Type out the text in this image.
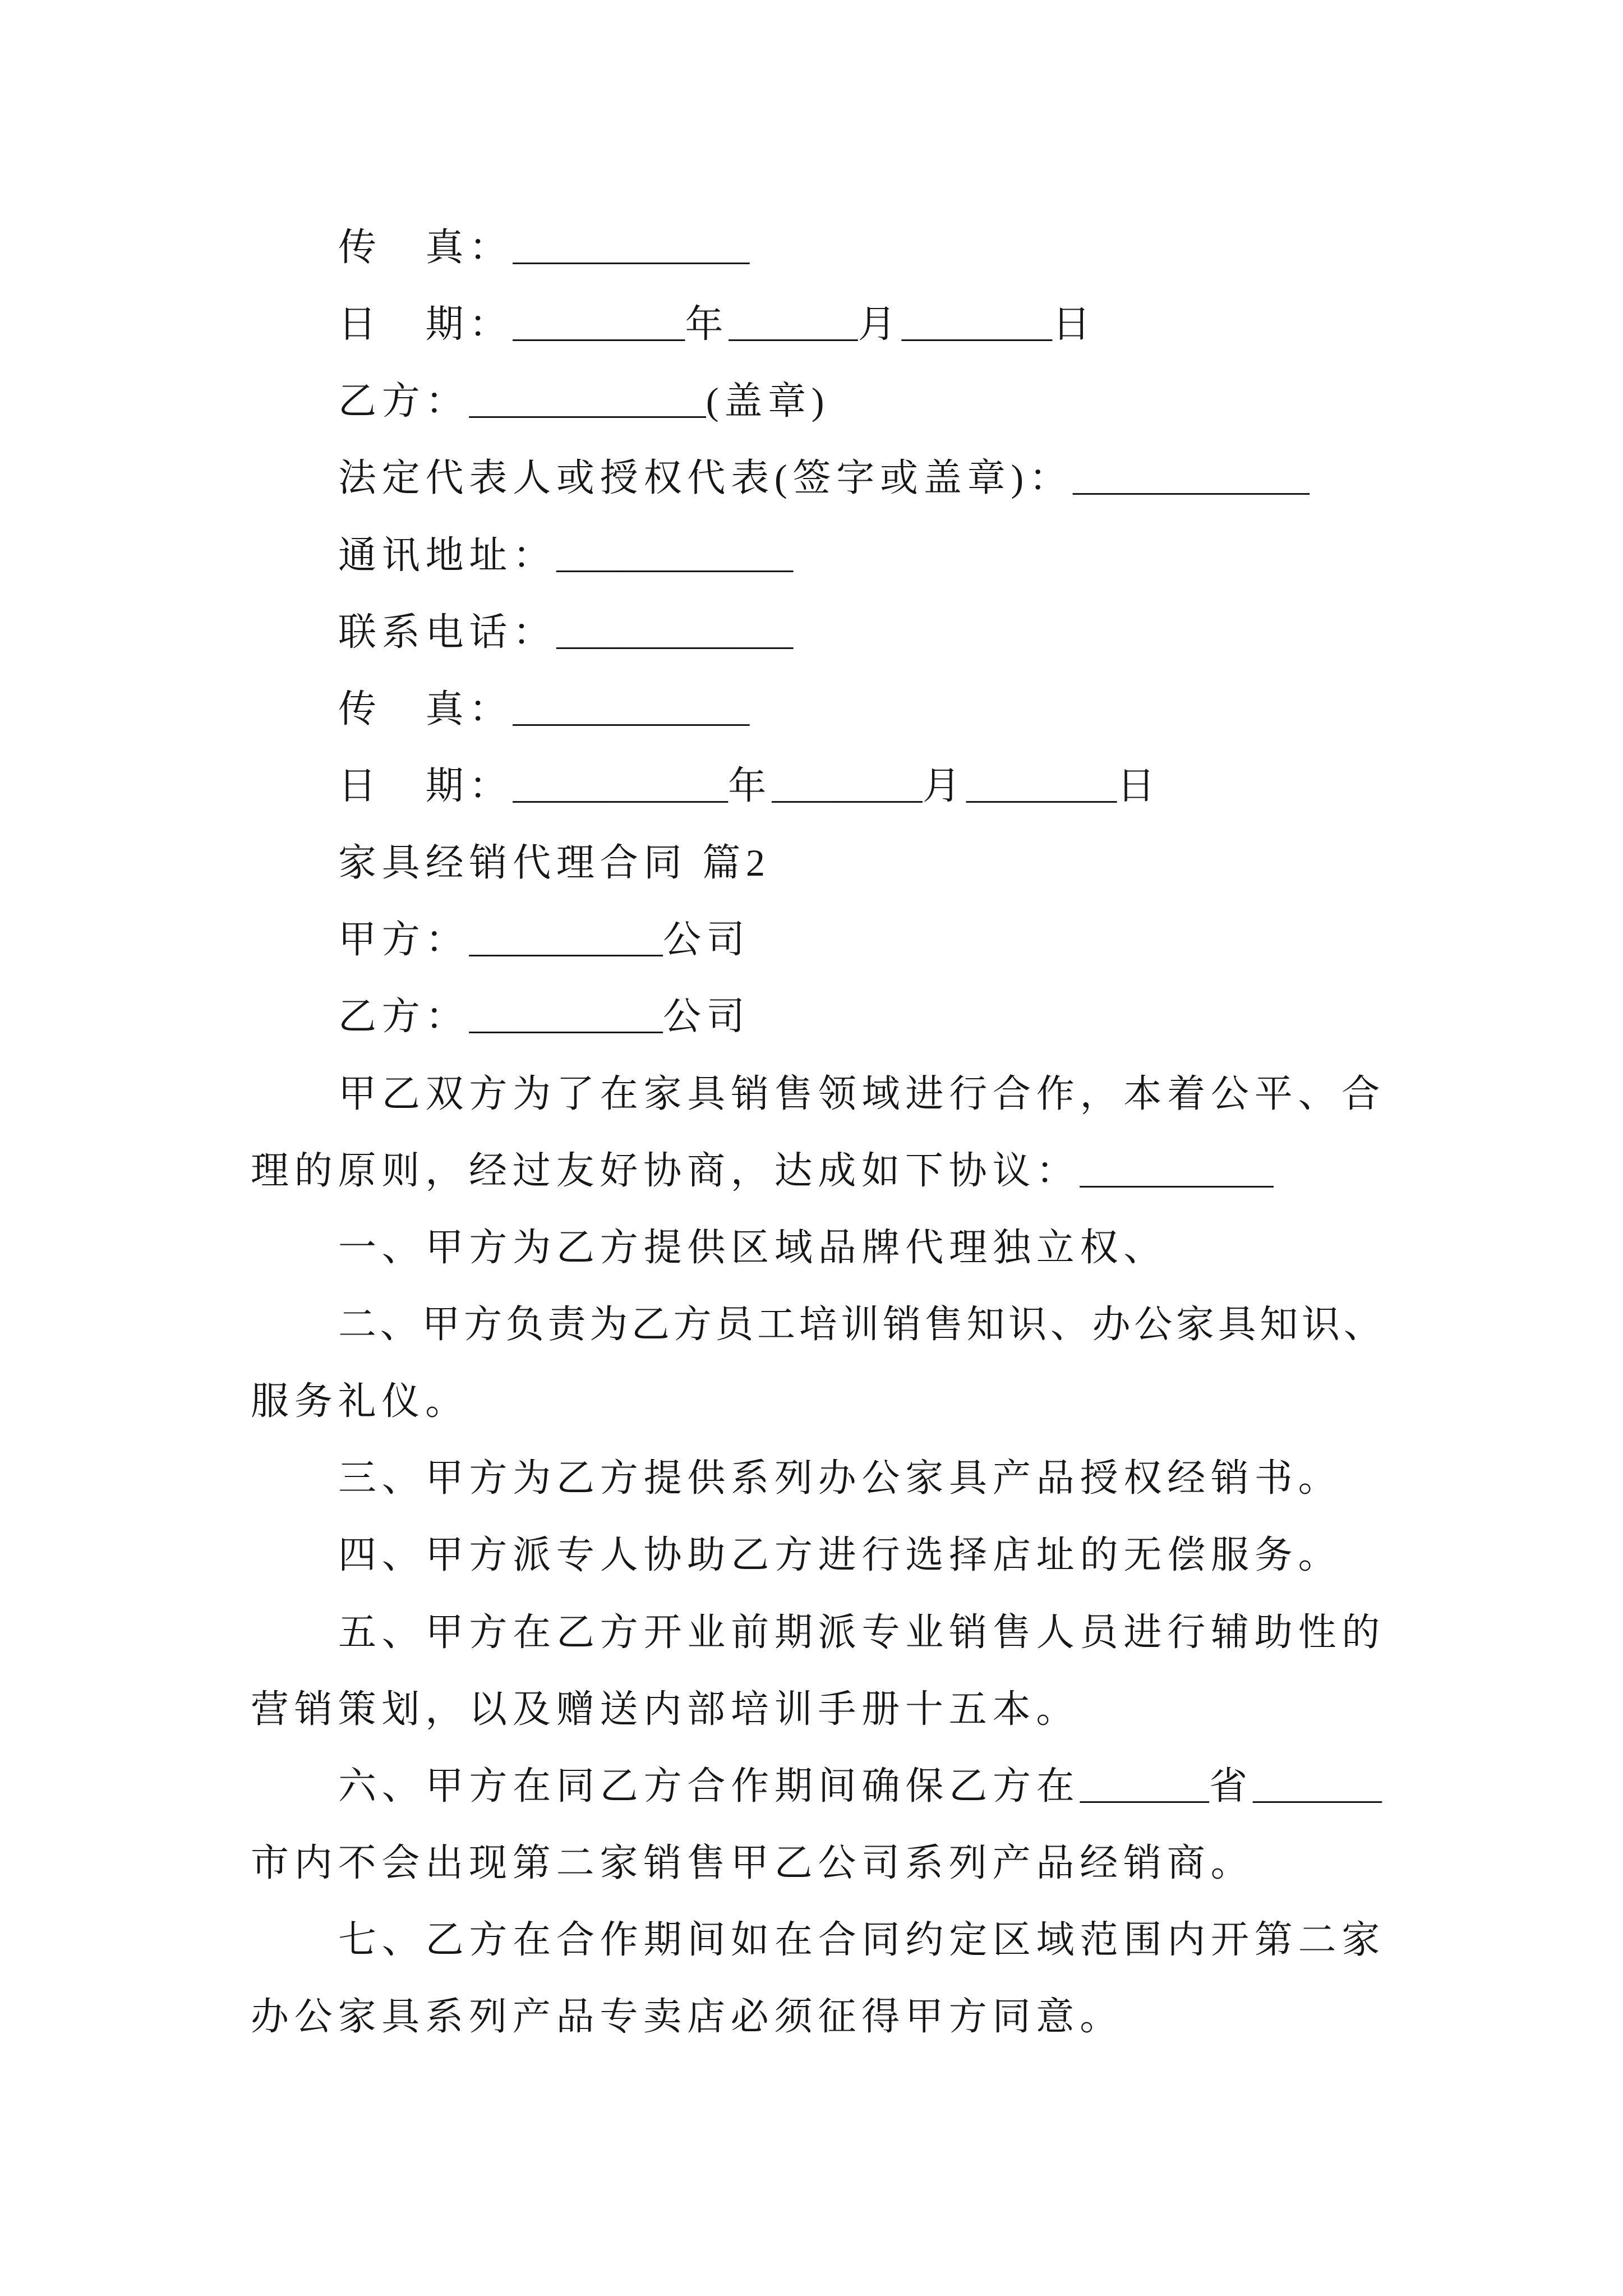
传　真：___________
日　期：________年______月_______日
乙方：___________(盖章)
法定代表人或授权代表(签字或盖章)：___________
通讯地址：___________
联系电话：___________
传　真：___________
日　期：__________年_______月_______日
家具经销代理合同 篇2
甲方：_________公司
乙方：_________公司
甲乙双方为了在家具销售领域进行合作，本着公平、合
理的原则，经过友好协商，达成如下协议：_________
一、甲方为乙方提供区域品牌代理独立权、
二、甲方负责为乙方员工培训销售知识、办公家具知识、
服务礼仪。
三、甲方为乙方提供系列办公家具产品授权经销书。
四、甲方派专人协助乙方进行选择店址的无偿服务。
五、甲方在乙方开业前期派专业销售人员进行辅助性的
营销策划，以及赠送内部培训手册十五本。
六、甲方在同乙方合作期间确保乙方在______省______
市内不会出现第二家销售甲乙公司系列产品经销商。
七、乙方在合作期间如在合同约定区域范围内开第二家
办公家具系列产品专卖店必须征得甲方同意。
